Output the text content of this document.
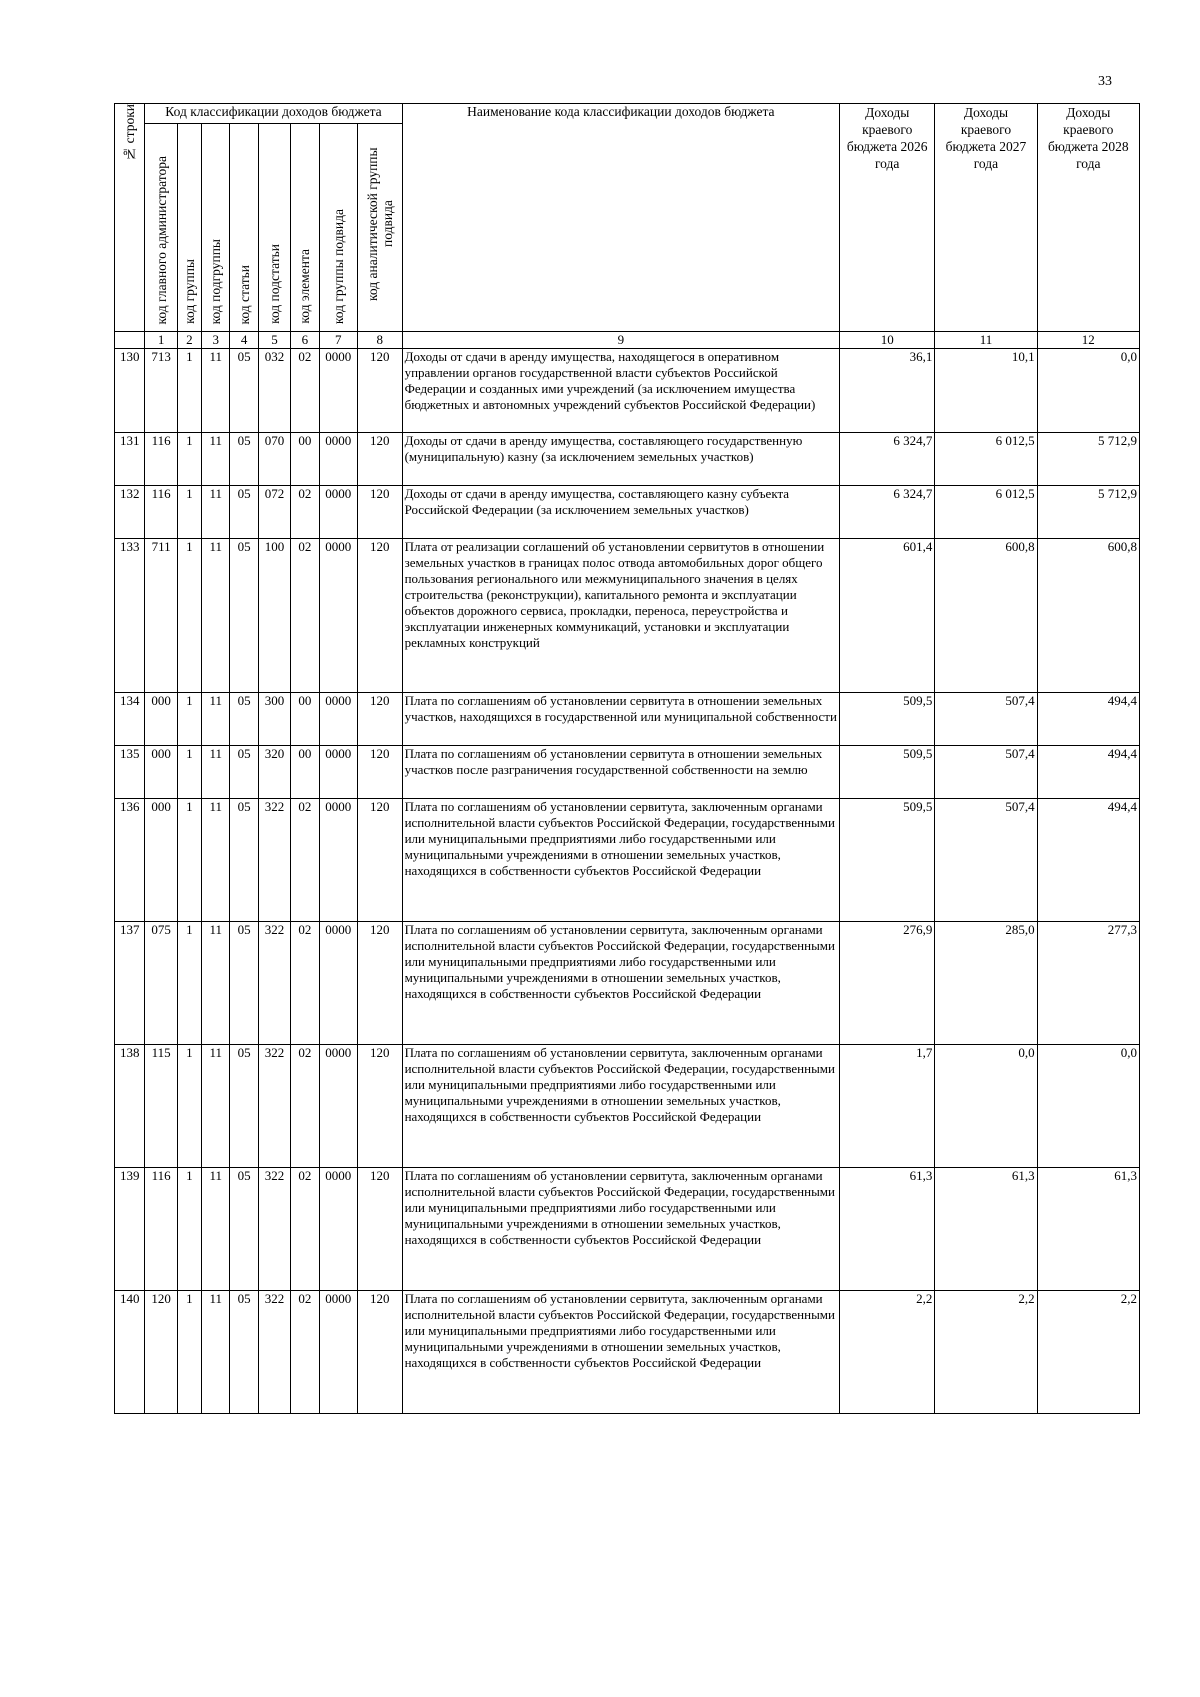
33
№ строки	Код классификации доходов бюджета								Наименование кода классификации доходов бюджета	Доходы краевого бюджета 2026 года	Доходы краевого бюджета 2027 года	Доходы краевого бюджета 2028 года

	код главного администратора	код группы	код подгруппы	код статьи	код подстатьи	код элемента	код группы подвида	код аналитической группы подвида				

	1	2	3	4	5	6	7	8	9	10	11	12
130	713	1	11	05	032	02	0000	120	Доходы от сдачи в аренду имущества, находящегося в оперативном управлении органов государственной власти субъектов Российской Федерации и созданных ими учреждений (за исключением имущества бюджетных и автономных учреждений субъектов Российской Федерации)	36,1	10,1	0,0
131	116	1	11	05	070	00	0000	120	Доходы от сдачи в аренду имущества, составляющего государственную (муниципальную) казну (за исключением земельных участков)	6 324,7	6 012,5	5 712,9
132	116	1	11	05	072	02	0000	120	Доходы от сдачи в аренду имущества, составляющего казну субъекта Российской Федерации (за исключением земельных участков)	6 324,7	6 012,5	5 712,9
133	711	1	11	05	100	02	0000	120	Плата от реализации соглашений об установлении сервитутов в отношении земельных участков в границах полос отвода автомобильных дорог общего пользования регионального или межмуниципального значения в целях строительства (реконструкции), капитального ремонта и эксплуатации объектов дорожного сервиса, прокладки, переноса, переустройства и эксплуатации инженерных коммуникаций, установки и эксплуатации рекламных конструкций	601,4	600,8	600,8
134	000	1	11	05	300	00	0000	120	Плата по соглашениям об установлении сервитута в отношении земельных участков, находящихся в государственной или муниципальной собственности	509,5	507,4	494,4
135	000	1	11	05	320	00	0000	120	Плата по соглашениям об установлении сервитута в отношении земельных участков после разграничения государственной собственности на землю	509,5	507,4	494,4
136	000	1	11	05	322	02	0000	120	Плата по соглашениям об установлении сервитута, заключенным органами исполнительной власти субъектов Российской Федерации, государственными или муниципальными предприятиями либо государственными или муниципальными учреждениями в отношении земельных участков, находящихся в собственности субъектов Российской Федерации	509,5	507,4	494,4
137	075	1	11	05	322	02	0000	120	Плата по соглашениям об установлении сервитута, заключенным органами исполнительной власти субъектов Российской Федерации, государственными или муниципальными предприятиями либо государственными или муниципальными учреждениями в отношении земельных участков, находящихся в собственности субъектов Российской Федерации	276,9	285,0	277,3
138	115	1	11	05	322	02	0000	120	Плата по соглашениям об установлении сервитута, заключенным органами исполнительной власти субъектов Российской Федерации, государственными или муниципальными предприятиями либо государственными или муниципальными учреждениями в отношении земельных участков, находящихся в собственности субъектов Российской Федерации	1,7	0,0	0,0
139	116	1	11	05	322	02	0000	120	Плата по соглашениям об установлении сервитута, заключенным органами исполнительной власти субъектов Российской Федерации, государственными или муниципальными предприятиями либо государственными или муниципальными учреждениями в отношении земельных участков, находящихся в собственности субъектов Российской Федерации	61,3	61,3	61,3
140	120	1	11	05	322	02	0000	120	Плата по соглашениям об установлении сервитута, заключенным органами исполнительной власти субъектов Российской Федерации, государственными или муниципальными предприятиями либо государственными или муниципальными учреждениями в отношении земельных участков, находящихся в собственности субъектов Российской Федерации	2,2	2,2	2,2
